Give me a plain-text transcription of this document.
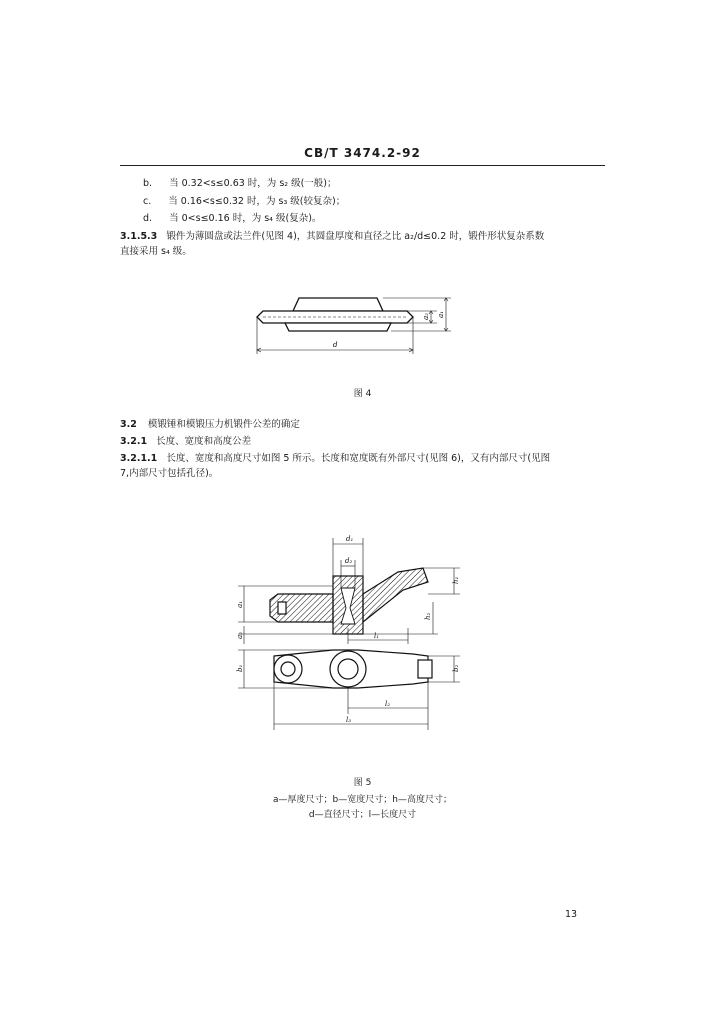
CB/T 3474.2-92
b. 当 0.32<s≤0.63 时，为 s₂ 级(一般)；
c. 当 0.16<s≤0.32 时，为 s₃ 级(较复杂)；
d. 当 0<s≤0.16 时，为 s₄ 级(复杂)。
3.1.5.3 锻件为薄圆盘或法兰件(见图 4)，其圆盘厚度和直径之比 a₂/d≤0.2 时，锻件形状复杂系数
直接采用 s₄ 级。
a₂ a₁
d
图 4
3.2 模锻锤和模锻压力机锻件公差的确定
3.2.1 长度、宽度和高度公差
3.2.1.1 长度、宽度和高度尺寸如图 5 所示。长度和宽度既有外部尺寸(见图 6)，又有内部尺寸(见图
7,内部尺寸包括孔径)。
d₁
d₂
a₁
a₂
h₁
h₂
l₁
l₂
l₃
b₁	b₂
图 5
a—厚度尺寸；b—宽度尺寸；h—高度尺寸；
d—直径尺寸；l—长度尺寸
13
